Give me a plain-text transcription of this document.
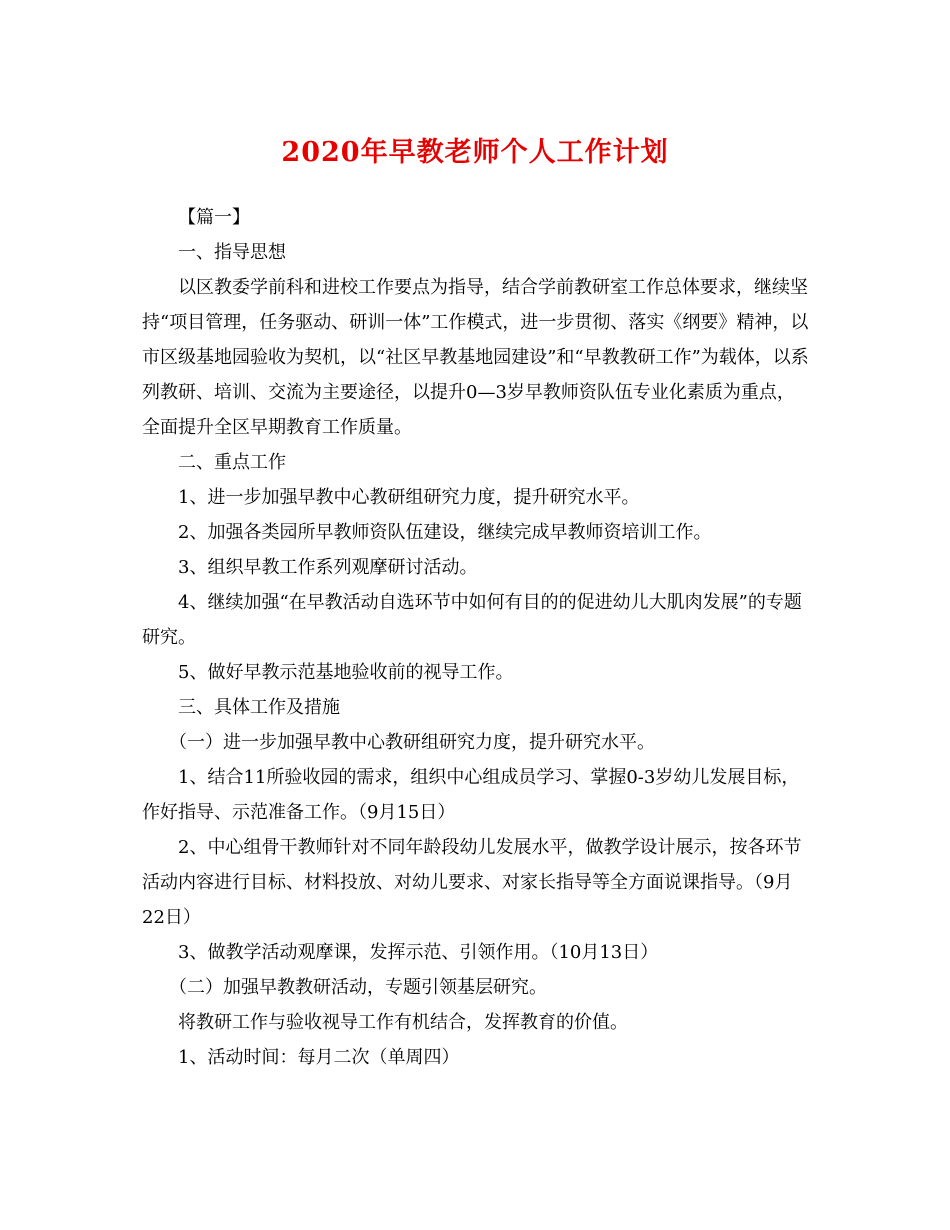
2020年早教老师个人工作计划

【篇一】

一、指导思想

以区教委学前科和进校工作要点为指导，结合学前教研室工作总体要求，继续坚持“项目管理，任务驱动、研训一体”工作模式，进一步贯彻、落实《纲要》精神，以市区级基地园验收为契机，以“社区早教基地园建设”和“早教教研工作”为载体，以系列教研、培训、交流为主要途径，以提升0—3岁早教师资队伍专业化素质为重点，全面提升全区早期教育工作质量。

二、重点工作

1、进一步加强早教中心教研组研究力度，提升研究水平。

2、加强各类园所早教师资队伍建设，继续完成早教师资培训工作。

3、组织早教工作系列观摩研讨活动。

4、继续加强“在早教活动自选环节中如何有目的的促进幼儿大肌肉发展”的专题研究。

5、做好早教示范基地验收前的视导工作。

三、具体工作及措施

（一）进一步加强早教中心教研组研究力度，提升研究水平。

1、结合11所验收园的需求，组织中心组成员学习、掌握0-3岁幼儿发展目标，作好指导、示范准备工作。（9月15日）

2、中心组骨干教师针对不同年龄段幼儿发展水平，做教学设计展示，按各环节活动内容进行目标、材料投放、对幼儿要求、对家长指导等全方面说课指导。（9月22日）

3、做教学活动观摩课，发挥示范、引领作用。（10月13日）

（二）加强早教教研活动，专题引领基层研究。

将教研工作与验收视导工作有机结合，发挥教育的价值。

1、活动时间：每月二次（单周四）
